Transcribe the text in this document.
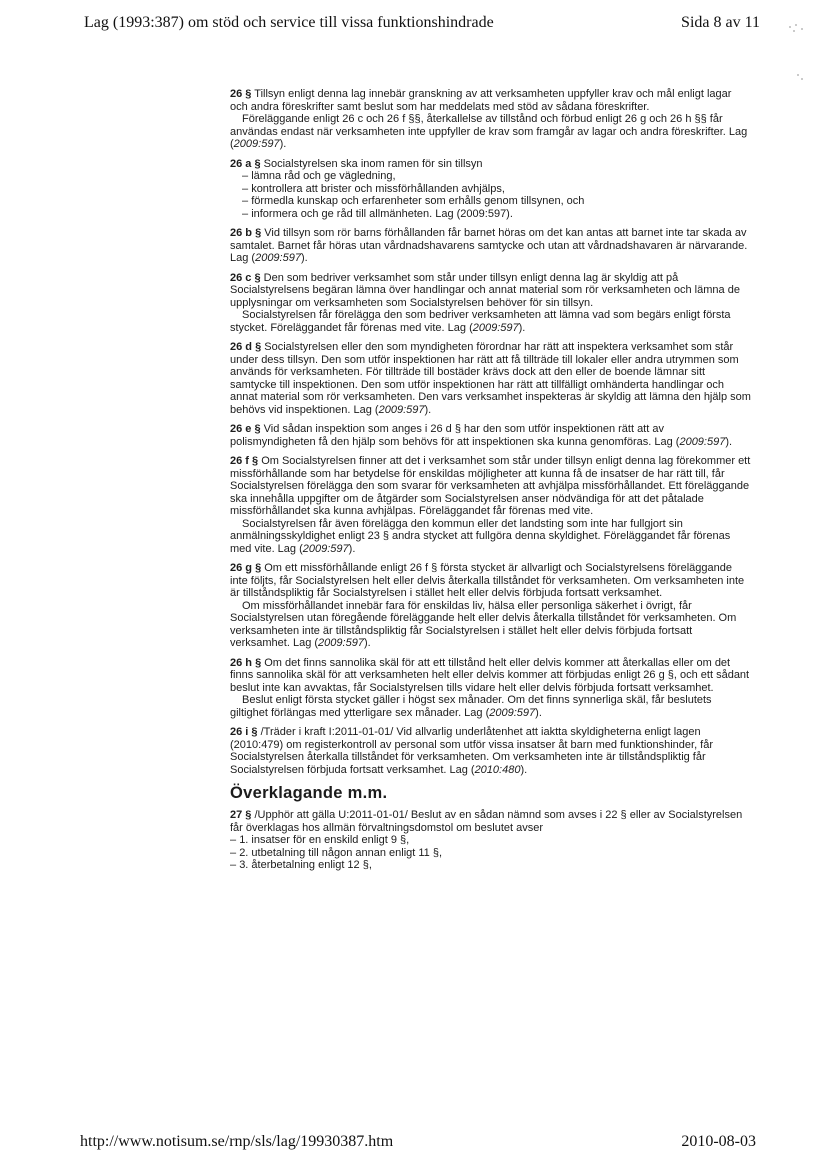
Lag (1993:387) om stöd och service till vissa funktionshindrade	Sida 8 av 11

26 § Tillsyn enligt denna lag innebär granskning av att verksamheten uppfyller krav och mål enligt lagar och andra föreskrifter samt beslut som har meddelats med stöd av sådana föreskrifter.

Föreläggande enligt 26 c och 26 f §§, återkallelse av tillstånd och förbud enligt 26 g och 26 h §§ får användas endast när verksamheten inte uppfyller de krav som framgår av lagar och andra föreskrifter. Lag (2009:597).

26 a § Socialstyrelsen ska inom ramen för sin tillsyn

– lämna råd och ge vägledning,
– kontrollera att brister och missförhållanden avhjälps,
– förmedla kunskap och erfarenheter som erhålls genom tillsynen, och
– informera och ge råd till allmänheten. Lag (2009:597).

26 b § Vid tillsyn som rör barns förhållanden får barnet höras om det kan antas att barnet inte tar skada av samtalet. Barnet får höras utan vårdnadshavarens samtycke och utan att vårdnadshavaren är närvarande. Lag (2009:597).

26 c § Den som bedriver verksamhet som står under tillsyn enligt denna lag är skyldig att på Socialstyrelsens begäran lämna över handlingar och annat material som rör verksamheten och lämna de upplysningar om verksamheten som Socialstyrelsen behöver för sin tillsyn.

Socialstyrelsen får förelägga den som bedriver verksamheten att lämna vad som begärs enligt första stycket. Föreläggandet får förenas med vite. Lag (2009:597).

26 d § Socialstyrelsen eller den som myndigheten förordnar har rätt att inspektera verksamhet som står under dess tillsyn. Den som utför inspektionen har rätt att få tillträde till lokaler eller andra utrymmen som används för verksamheten. För tillträde till bostäder krävs dock att den eller de boende lämnar sitt samtycke till inspektionen. Den som utför inspektionen har rätt att tillfälligt omhänderta handlingar och annat material som rör verksamheten. Den vars verksamhet inspekteras är skyldig att lämna den hjälp som behövs vid inspektionen. Lag (2009:597).

26 e § Vid sådan inspektion som anges i 26 d § har den som utför inspektionen rätt att av polismyndigheten få den hjälp som behövs för att inspektionen ska kunna genomföras. Lag (2009:597).

26 f § Om Socialstyrelsen finner att det i verksamhet som står under tillsyn enligt denna lag förekommer ett missförhållande som har betydelse för enskildas möjligheter att kunna få de insatser de har rätt till, får Socialstyrelsen förelägga den som svarar för verksamheten att avhjälpa missförhållandet. Ett föreläggande ska innehålla uppgifter om de åtgärder som Socialstyrelsen anser nödvändiga för att det påtalade missförhållandet ska kunna avhjälpas. Föreläggandet får förenas med vite.

Socialstyrelsen får även förelägga den kommun eller det landsting som inte har fullgjort sin anmälningsskyldighet enligt 23 § andra stycket att fullgöra denna skyldighet. Föreläggandet får förenas med vite. Lag (2009:597).

26 g § Om ett missförhållande enligt 26 f § första stycket är allvarligt och Socialstyrelsens föreläggande inte följts, får Socialstyrelsen helt eller delvis återkalla tillståndet för verksamheten. Om verksamheten inte är tillståndspliktig får Socialstyrelsen i stället helt eller delvis förbjuda fortsatt verksamhet.

Om missförhållandet innebär fara för enskildas liv, hälsa eller personliga säkerhet i övrigt, får Socialstyrelsen utan föregående föreläggande helt eller delvis återkalla tillståndet för verksamheten. Om verksamheten inte är tillståndspliktig får Socialstyrelsen i stället helt eller delvis förbjuda fortsatt verksamhet. Lag (2009:597).

26 h § Om det finns sannolika skäl för att ett tillstånd helt eller delvis kommer att återkallas eller om det finns sannolika skäl för att verksamheten helt eller delvis kommer att förbjudas enligt 26 g §, och ett sådant beslut inte kan avvaktas, får Socialstyrelsen tills vidare helt eller delvis förbjuda fortsatt verksamhet.

Beslut enligt första stycket gäller i högst sex månader. Om det finns synnerliga skäl, får beslutets giltighet förlängas med ytterligare sex månader. Lag (2009:597).

26 i § /Träder i kraft I:2011-01-01/ Vid allvarlig underlåtenhet att iaktta skyldigheterna enligt lagen (2010:479) om registerkontroll av personal som utför vissa insatser åt barn med funktionshinder, får Socialstyrelsen återkalla tillståndet för verksamheten. Om verksamheten inte är tillståndspliktig får Socialstyrelsen förbjuda fortsatt verksamhet. Lag (2010:480).

Överklagande m.m.

27 § /Upphör att gälla U:2011-01-01/ Beslut av en sådan nämnd som avses i 22 § eller av Socialstyrelsen får överklagas hos allmän förvaltningsdomstol om beslutet avser

– 1. insatser för en enskild enligt 9 §,
– 2. utbetalning till någon annan enligt 11 §,
– 3. återbetalning enligt 12 §,
http://www.notisum.se/rnp/sls/lag/19930387.htm	2010-08-03
